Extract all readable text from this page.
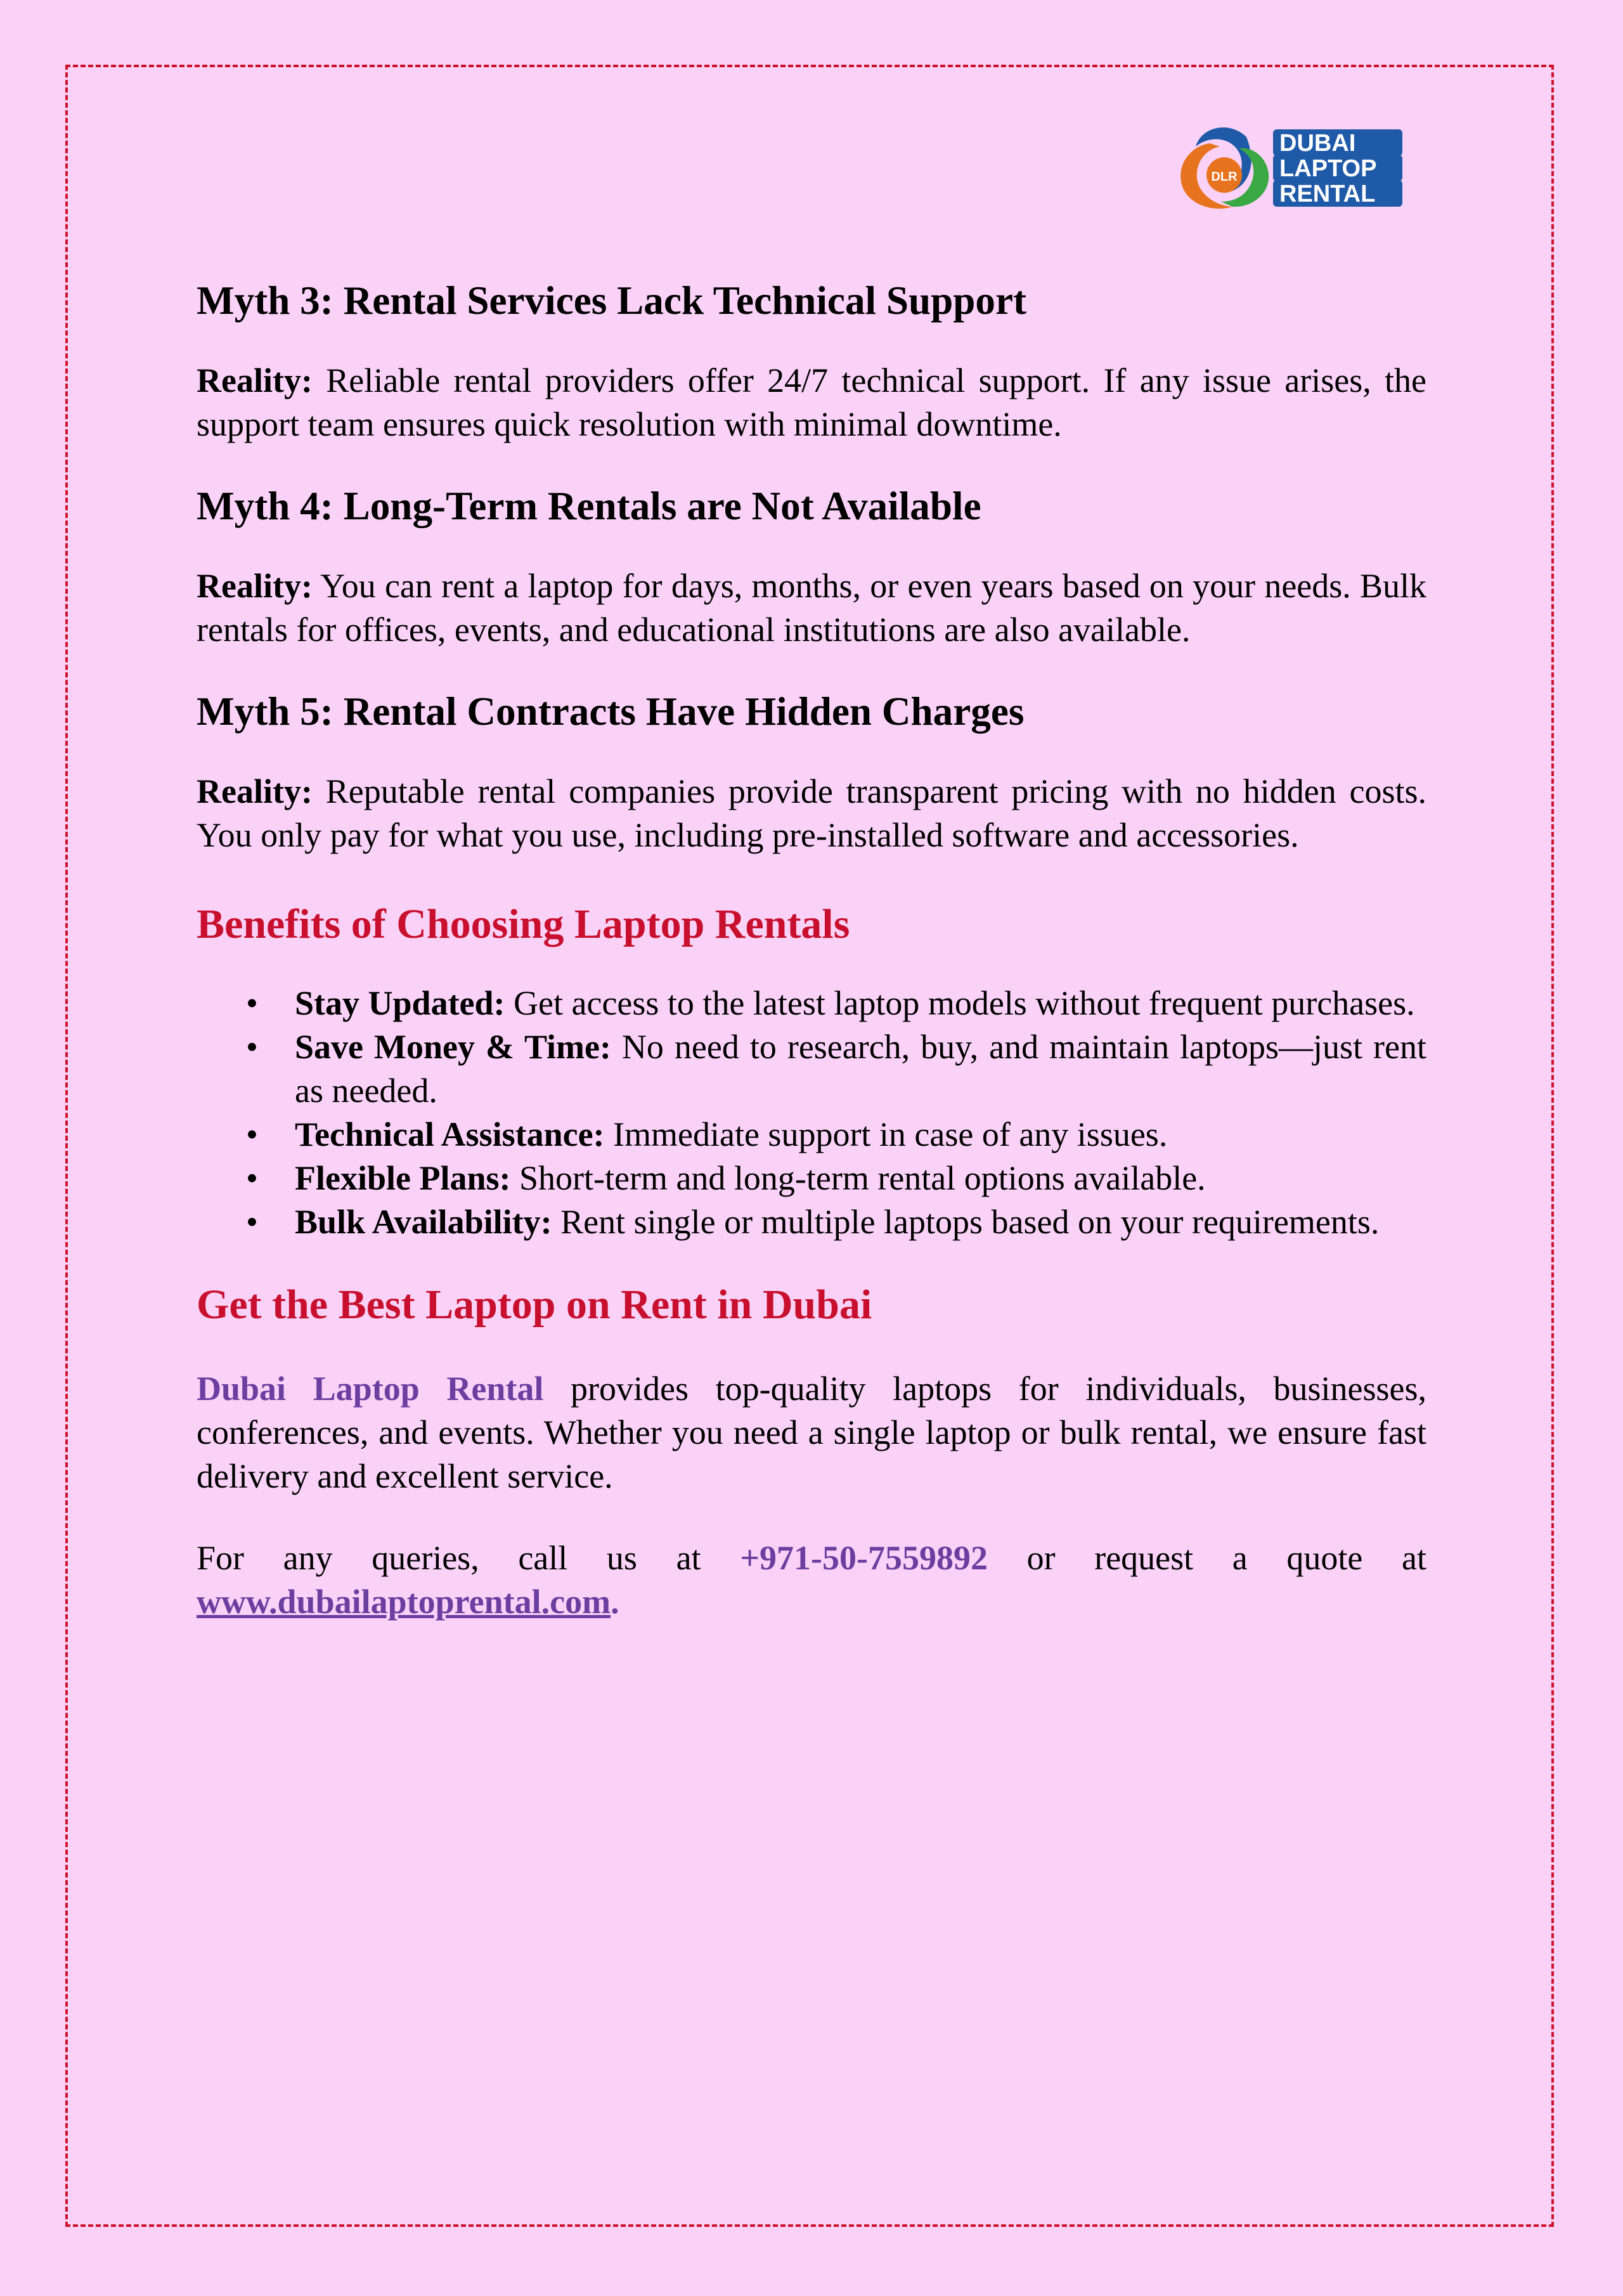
DLR
DUBAI
LAPTOP
RENTAL
Myth 3: Rental Services Lack Technical Support

Reality: Reliable rental providers offer 24/7 technical support. If any issue arises, the support team ensures quick resolution with minimal downtime.

Myth 4: Long-Term Rentals are Not Available

Reality: You can rent a laptop for days, months, or even years based on your needs. Bulk rentals for offices, events, and educational institutions are also available.

Myth 5: Rental Contracts Have Hidden Charges

Reality: Reputable rental companies provide transparent pricing with no hidden costs. You only pay for what you use, including pre-installed software and accessories.

Benefits of Choosing Laptop Rentals
• Stay Updated: Get access to the latest laptop models without frequent purchases.
• Save Money & Time: No need to research, buy, and maintain laptops—just rent as needed.
• Technical Assistance: Immediate support in case of any issues.
• Flexible Plans: Short-term and long-term rental options available.
• Bulk Availability: Rent single or multiple laptops based on your requirements.
Get the Best Laptop on Rent in Dubai

Dubai Laptop Rental provides top-quality laptops for individuals, businesses, conferences, and events. Whether you need a single laptop or bulk rental, we ensure fast delivery and excellent service.

For any queries, call us at +971-50-7559892 or request a quote at www.dubailaptoprental.com.
